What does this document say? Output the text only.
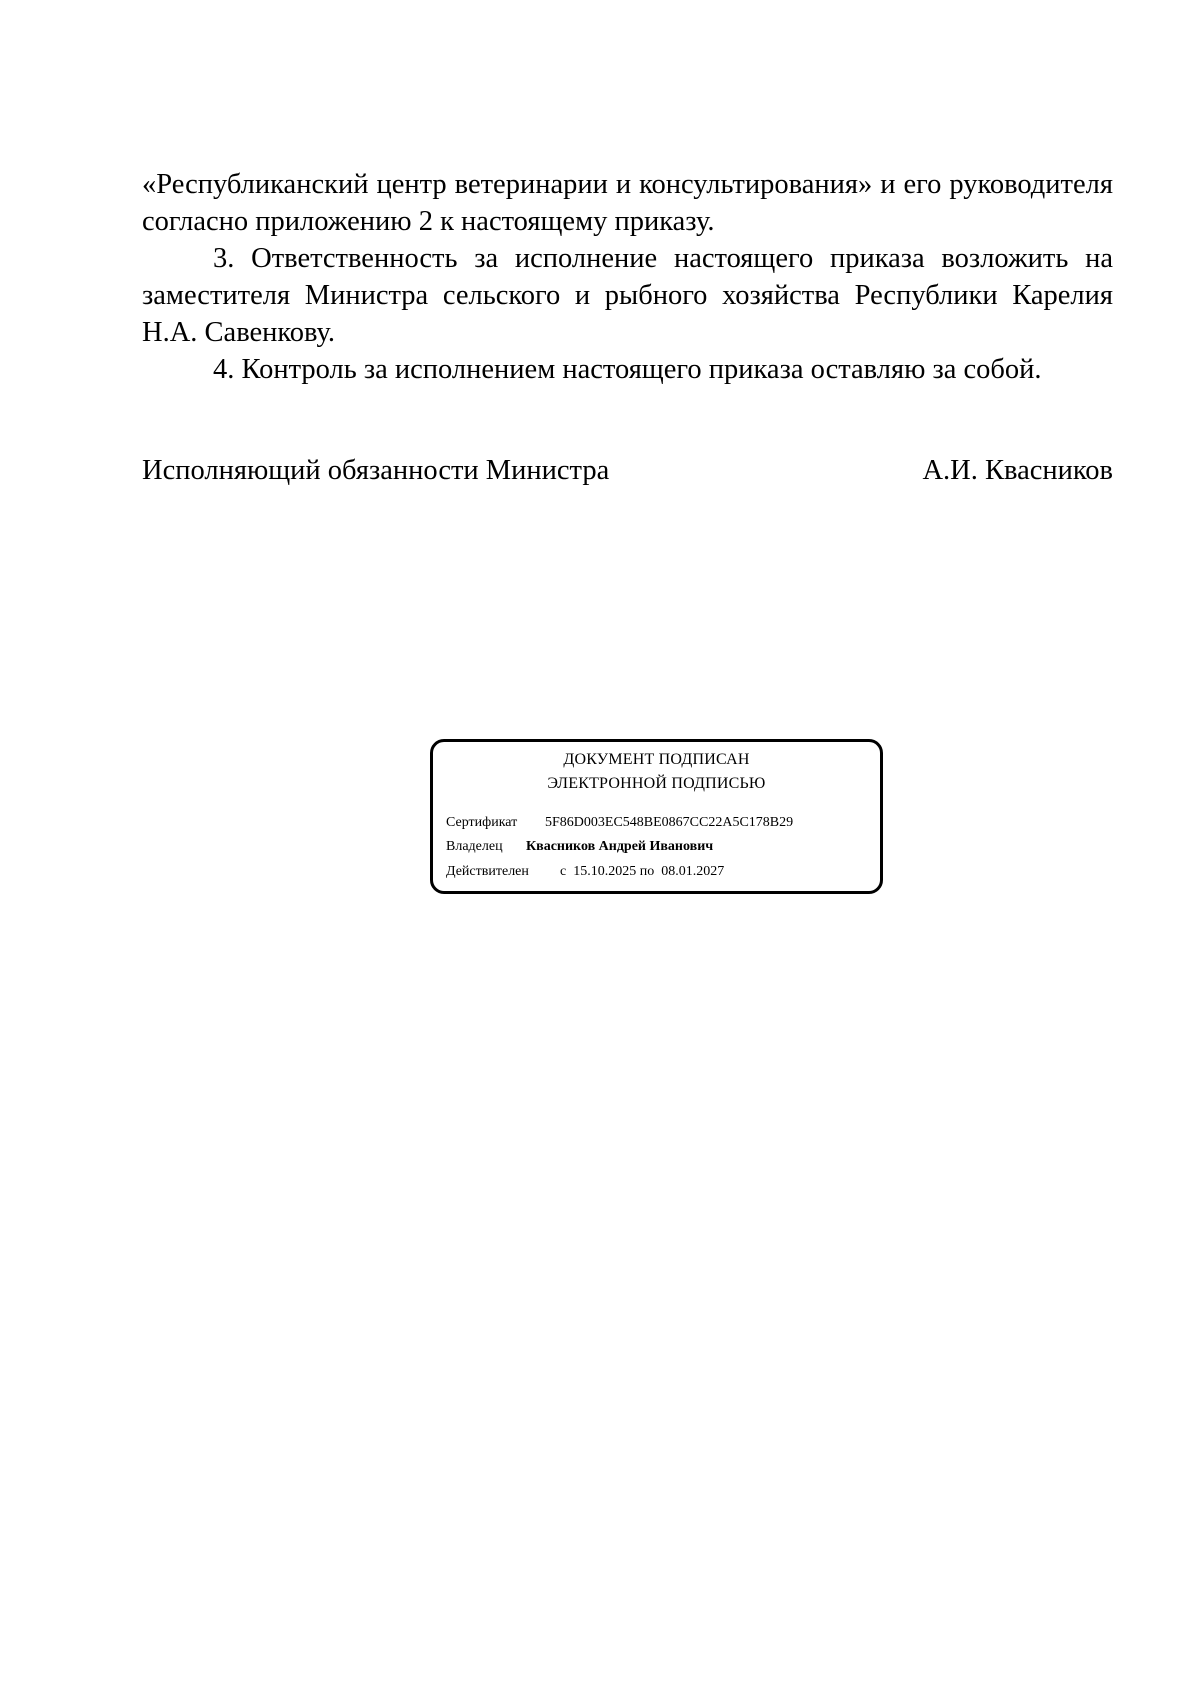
«Республиканский центр ветеринарии и консультирования» и его руководителя согласно приложению 2 к настоящему приказу.

3. Ответственность за исполнение настоящего приказа возложить на заместителя Министра сельского и рыбного хозяйства Республики Карелия Н.А. Савенкову.

4. Контроль за исполнением настоящего приказа оставляю за собой.

Исполняющий обязанности Министра	А.И. Квасников
ДОКУМЕНТ ПОДПИСАН
ЭЛЕКТРОННОЙ ПОДПИСЬЮ
Сертификат 5F86D003EC548BE0867CC22A5C178B29
Владелец Квасников Андрей Иванович
Действителен с  15.10.2025 по  08.01.2027
